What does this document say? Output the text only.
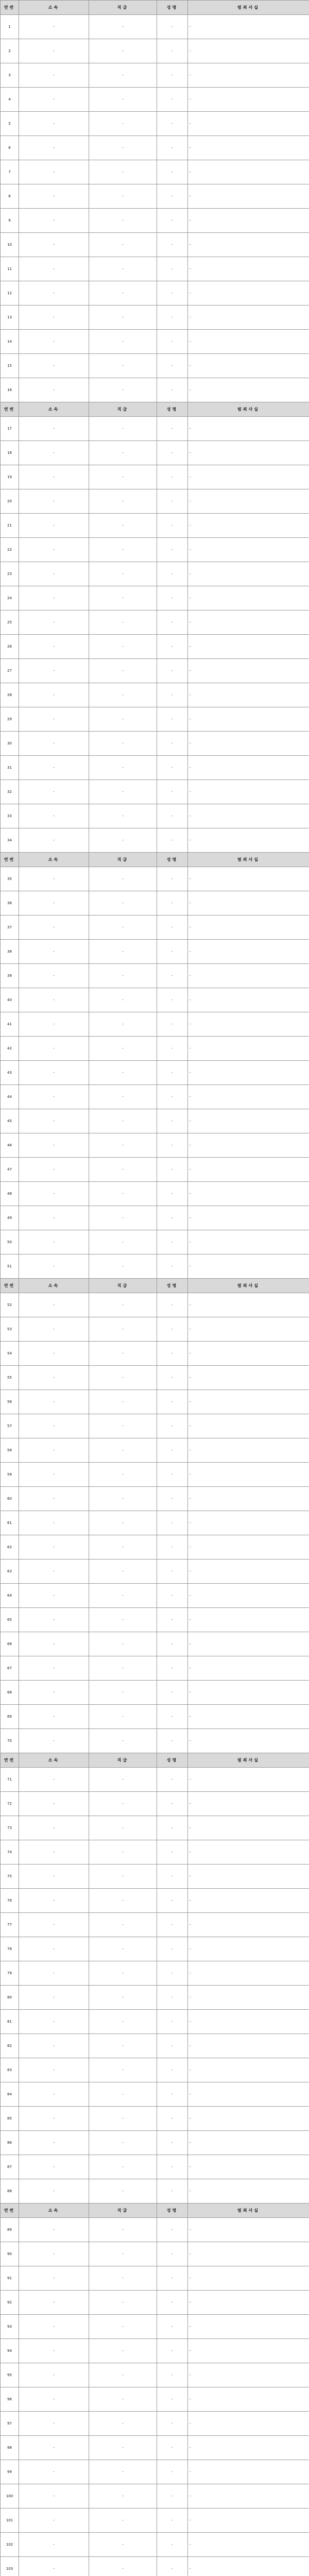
연번	소속	직급	성명	범죄사실
1	-	-	-	-
2	-	-	-	-
3	-	-	-	-
4	-	-	-	-
5	-	-	-	-
6	-	-	-	-
7	-	-	-	-
8	-	-	-	-
9	-	-	-	-
10	-	-	-	-
11	-	-	-	-
12	-	-	-	-
13	-	-	-	-
14	-	-	-	-
15	-	-	-	-
16	-	-	-	-
연번	소속	직급	성명	범죄사실
17	-	-	-	-
18	-	-	-	-
19	-	-	-	-
20	-	-	-	-
21	-	-	-	-
22	-	-	-	-
23	-	-	-	-
24	-	-	-	-
25	-	-	-	-
26	-	-	-	-
27	-	-	-	-
28	-	-	-	-
29	-	-	-	-
30	-	-	-	-
31	-	-	-	-
32	-	-	-	-
33	-	-	-	-
34	-	-	-	-
연번	소속	직급	성명	범죄사실
35	-	-	-	-
36	-	-	-	-
37	-	-	-	-
38	-	-	-	-
39	-	-	-	-
40	-	-	-	-
41	-	-	-	-
42	-	-	-	-
43	-	-	-	-
44	-	-	-	-
45	-	-	-	-
46	-	-	-	-
47	-	-	-	-
48	-	-	-	-
49	-	-	-	-
50	-	-	-	-
51	-	-	-	-
연번	소속	직급	성명	범죄사실
52	-	-	-	-
53	-	-	-	-
54	-	-	-	-
55	-	-	-	-
56	-	-	-	-
57	-	-	-	-
58	-	-	-	-
59	-	-	-	-
60	-	-	-	-
61	-	-	-	-
62	-	-	-	-
63	-	-	-	-
64	-	-	-	-
65	-	-	-	-
66	-	-	-	-
67	-	-	-	-
68	-	-	-	-
69	-	-	-	-
70	-	-	-	-
연번	소속	직급	성명	범죄사실
71	-	-	-	-
72	-	-	-	-
73	-	-	-	-
74	-	-	-	-
75	-	-	-	-
76	-	-	-	-
77	-	-	-	-
78	-	-	-	-
79	-	-	-	-
80	-	-	-	-
81	-	-	-	-
82	-	-	-	-
83	-	-	-	-
84	-	-	-	-
85	-	-	-	-
86	-	-	-	-
87	-	-	-	-
88	-	-	-	-
연번	소속	직급	성명	범죄사실
89	-	-	-	-
90	-	-	-	-
91	-	-	-	-
92	-	-	-	-
93	-	-	-	-
94	-	-	-	-
95	-	-	-	-
96	-	-	-	-
97	-	-	-	-
98	-	-	-	-
99	-	-	-	-
100	-	-	-	-
101	-	-	-	-
102	-	-	-	-
103	-	-	-	-
